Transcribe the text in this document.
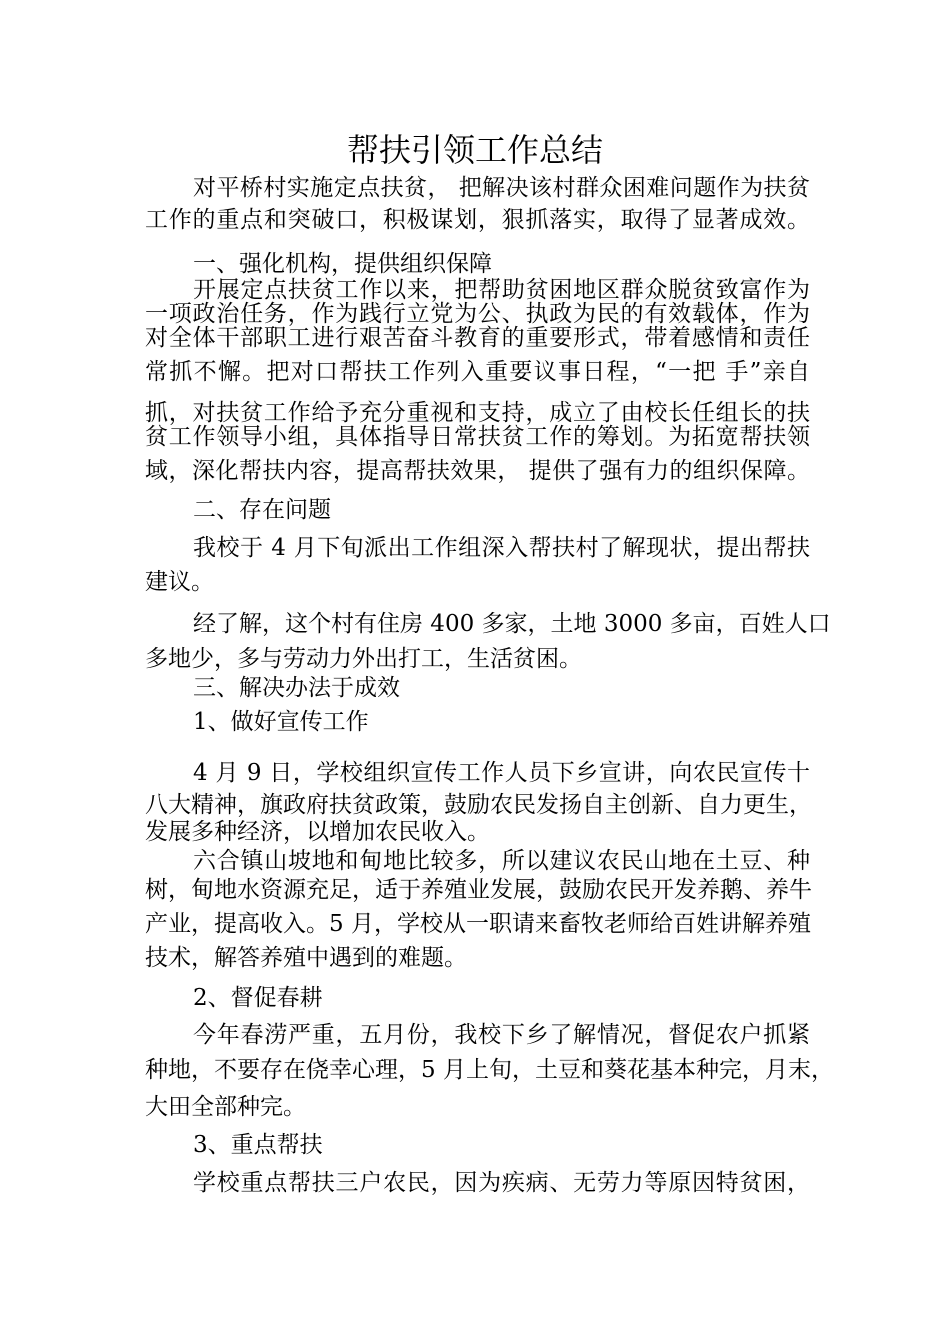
帮扶引领工作总结
对平桥村实施定点扶贫， 把解决该村群众困难问题作为扶贫
工作的重点和突破口，积极谋划，狠抓落实，取得了显著成效。
一、强化机构，提供组织保障
开展定点扶贫工作以来，把帮助贫困地区群众脱贫致富作为
一项政治任务，作为践行立党为公、执政为民的有效载体，作为
对全体干部职工进行艰苦奋斗教育的重要形式，带着感情和责任
常抓不懈。把对口帮扶工作列入重要议事日程，“一把 手”亲自
抓，对扶贫工作给予充分重视和支持，成立了由校长任组长的扶
贫工作领导小组，具体指导日常扶贫工作的筹划。为拓宽帮扶领
域，深化帮扶内容，提高帮扶效果， 提供了强有力的组织保障。
二、存在问题
我校于 4 月下旬派出工作组深入帮扶村了解现状，提出帮扶
建议。
经了解，这个村有住房 400 多家，土地 3000 多亩，百姓人口
多地少，多与劳动力外出打工，生活贫困。
三、解决办法于成效
1、做好宣传工作
4 月 9 日，学校组织宣传工作人员下乡宣讲，向农民宣传十
八大精神，旗政府扶贫政策，鼓励农民发扬自主创新、自力更生，
发展多种经济，以增加农民收入。
六合镇山坡地和甸地比较多，所以建议农民山地在土豆、种
树，甸地水资源充足，适于养殖业发展，鼓励农民开发养鹅、养牛
产业，提高收入。5 月，学校从一职请来畜牧老师给百姓讲解养殖
技术，解答养殖中遇到的难题。
2、督促春耕
今年春涝严重，五月份，我校下乡了解情况，督促农户抓紧
种地，不要存在侥幸心理，5 月上旬，土豆和葵花基本种完，月末，
大田全部种完。
3、重点帮扶
学校重点帮扶三户农民，因为疾病、无劳力等原因特贫困，
